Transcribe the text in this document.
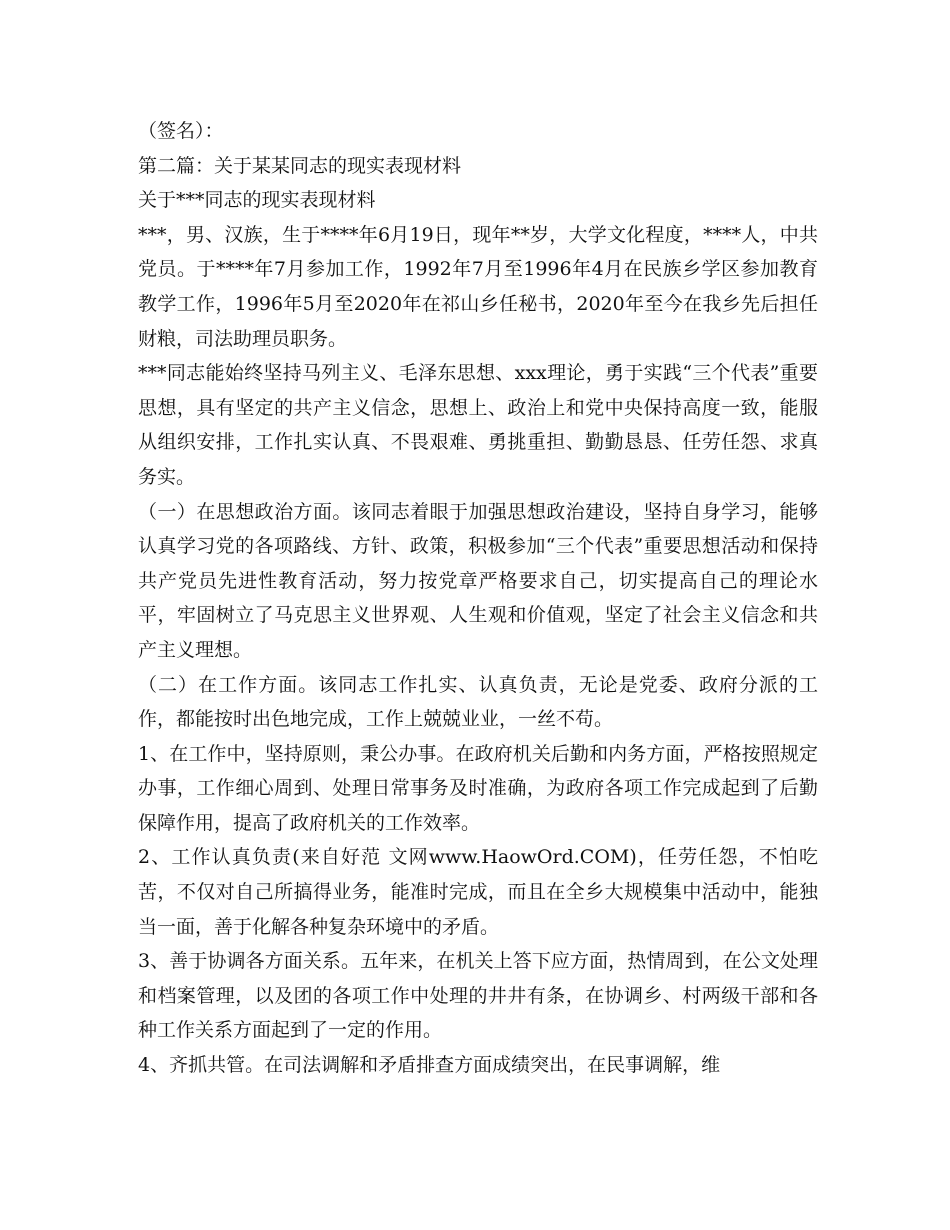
（签名）：

第二篇：关于某某同志的现实表现材料

关于***同志的现实表现材料

***，男、汉族，生于****年6月19日，现年**岁，大学文化程度，****人，中共党员。于****年7月参加工作，1992年7月至1996年4月在民族乡学区参加教育教学工作，1996年5月至2020年在祁山乡任秘书，2020年至今在我乡先后担任财粮，司法助理员职务。

***同志能始终坚持马列主义、毛泽东思想、xxx理论，勇于实践“三个代表”重要思想，具有坚定的共产主义信念，思想上、政治上和党中央保持高度一致，能服从组织安排，工作扎实认真、不畏艰难、勇挑重担、勤勤恳恳、任劳任怨、求真务实。

（一）在思想政治方面。该同志着眼于加强思想政治建设，坚持自身学习，能够认真学习党的各项路线、方针、政策，积极参加“三个代表”重要思想活动和保持共产党员先进性教育活动，努力按党章严格要求自己，切实提高自己的理论水平，牢固树立了马克思主义世界观、人生观和价值观，坚定了社会主义信念和共产主义理想。

（二）在工作方面。该同志工作扎实、认真负责，无论是党委、政府分派的工作，都能按时出色地完成，工作上兢兢业业，一丝不苟。

1、在工作中，坚持原则，秉公办事。在政府机关后勤和内务方面，严格按照规定办事，工作细心周到、处理日常事务及时准确，为政府各项工作完成起到了后勤保障作用，提高了政府机关的工作效率。

2、工作认真负责(来自好范 文网www.HaowOrd.COM)，任劳任怨，不怕吃苦，不仅对自己所搞得业务，能准时完成，而且在全乡大规模集中活动中，能独当一面，善于化解各种复杂环境中的矛盾。

3、善于协调各方面关系。五年来，在机关上答下应方面，热情周到，在公文处理和档案管理，以及团的各项工作中处理的井井有条，在协调乡、村两级干部和各种工作关系方面起到了一定的作用。

4、齐抓共管。在司法调解和矛盾排查方面成绩突出，在民事调解，维
